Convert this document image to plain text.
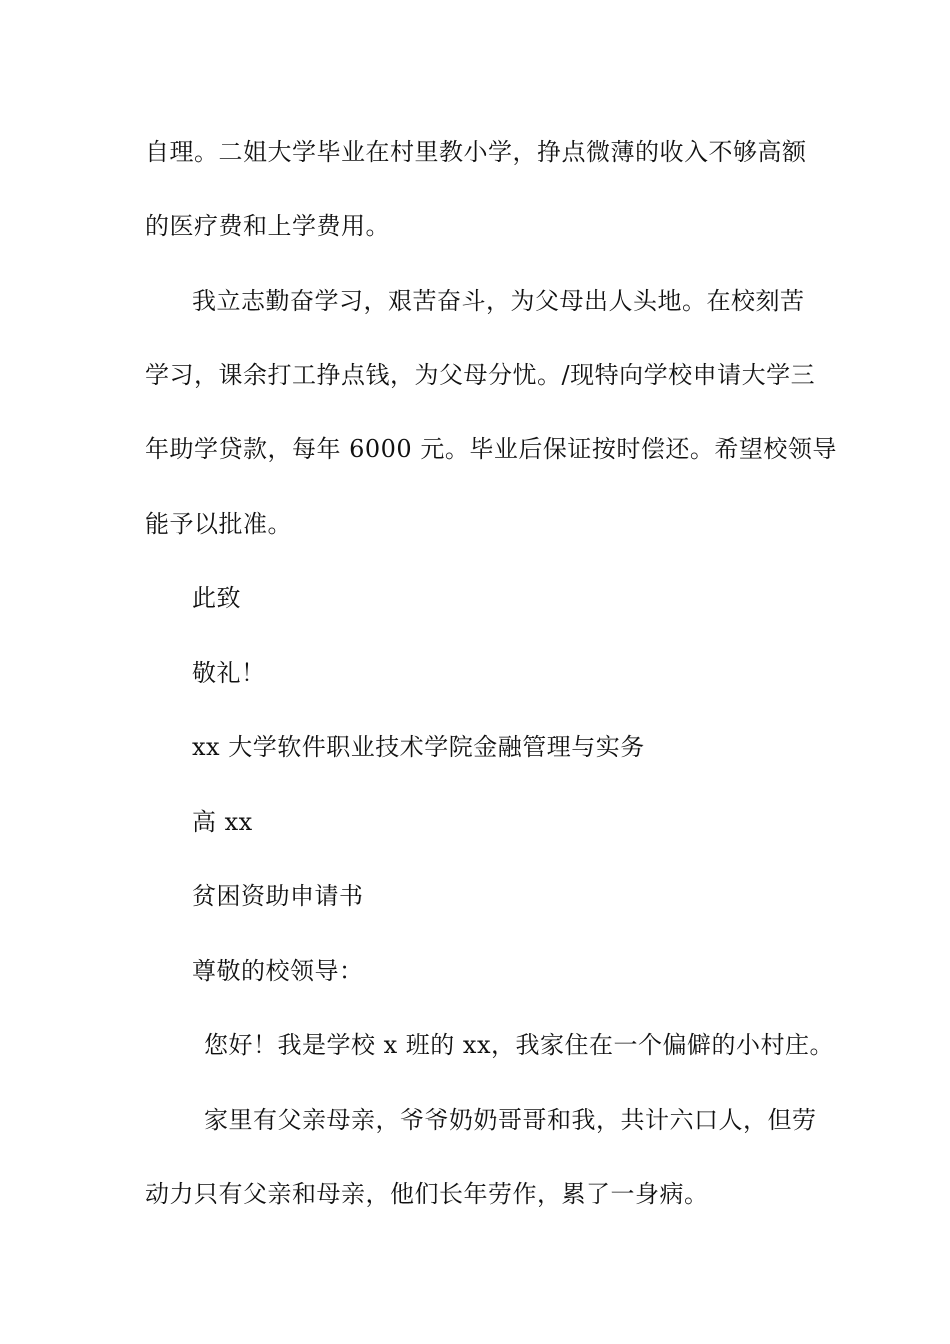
自理。二姐大学毕业在村里教小学，挣点微薄的收入不够高额
的医疗费和上学费用。
我立志勤奋学习，艰苦奋斗，为父母出人头地。在校刻苦
学习，课余打工挣点钱，为父母分忧。/现特向学校申请大学三
年助学贷款，每年 6000 元。毕业后保证按时偿还。希望校领导
能予以批准。
此致
敬礼！
xx 大学软件职业技术学院金融管理与实务
高 xx
贫困资助申请书
尊敬的校领导：
您好！我是学校 x 班的 xx，我家住在一个偏僻的小村庄。
家里有父亲母亲，爷爷奶奶哥哥和我，共计六口人，但劳
动力只有父亲和母亲，他们长年劳作，累了一身病。
